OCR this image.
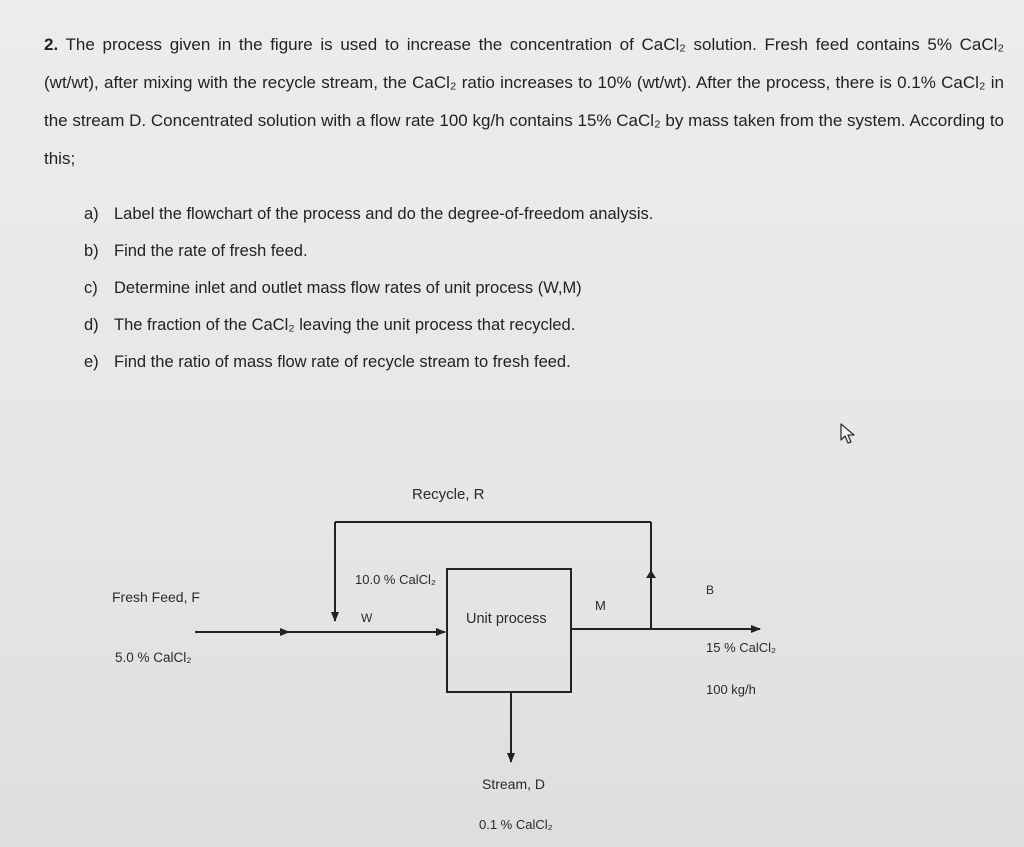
2. The process given in the figure is used to increase the concentration of CaCl₂ solution. Fresh feed contains 5% CaCl₂ (wt/wt), after mixing with the recycle stream, the CaCl₂ ratio increases to 10% (wt/wt). After the process, there is 0.1% CaCl₂ in the stream D. Concentrated solution with a flow rate 100 kg/h contains 15% CaCl₂ by mass taken from the system. According to this;
a) Label the flowchart of the process and do the degree-of-freedom analysis.
b) Find the rate of fresh feed.
c) Determine inlet and outlet mass flow rates of unit process (W,M)
d) The fraction of the CaCl₂ leaving the unit process that recycled.
e) Find the ratio of mass flow rate of recycle stream to fresh feed.
Recycle, R
10.0 % CalCl₂
Fresh Feed, F
5.0 % CalCl₂
W	Unit process
M
B
15 % CalCl₂
100 kg/h
Stream, D
0.1 % CalCl₂
